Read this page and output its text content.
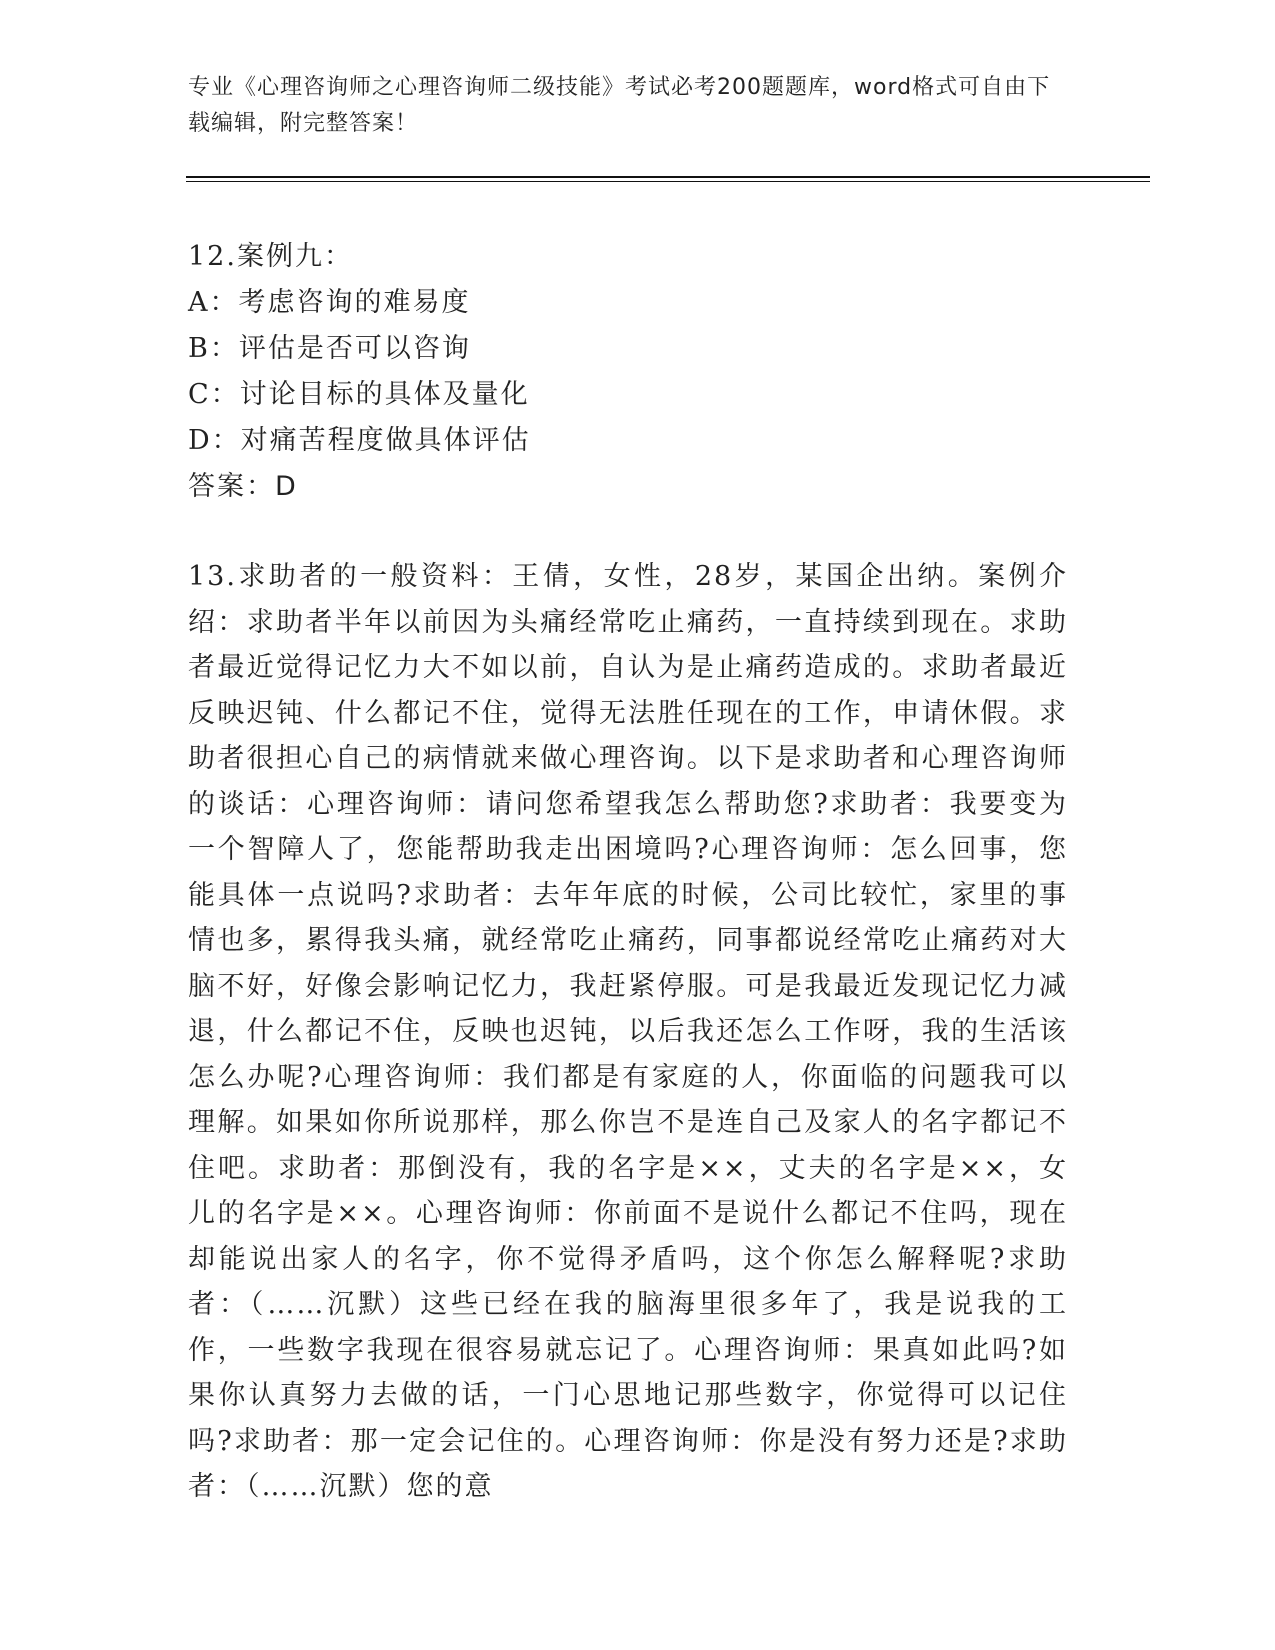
专业《心理咨询师之心理咨询师二级技能》考试必考200题题库，word格式可自由下载编辑，附完整答案！
12.案例九：
A：考虑咨询的难易度
B：评估是否可以咨询
C：讨论目标的具体及量化
D：对痛苦程度做具体评估
答案：D

13.求助者的一般资料：王倩，女性，28岁，某国企出纳。案例介绍：求助者半年以前因为头痛经常吃止痛药，一直持续到现在。求助者最近觉得记忆力大不如以前，自认为是止痛药造成的。求助者最近反映迟钝、什么都记不住，觉得无法胜任现在的工作，申请休假。求助者很担心自己的病情就来做心理咨询。以下是求助者和心理咨询师的谈话：心理咨询师：请问您希望我怎么帮助您?求助者：我要变为一个智障人了，您能帮助我走出困境吗?心理咨询师：怎么回事，您能具体一点说吗?求助者：去年年底的时候，公司比较忙，家里的事情也多，累得我头痛，就经常吃止痛药，同事都说经常吃止痛药对大脑不好，好像会影响记忆力，我赶紧停服。可是我最近发现记忆力减退，什么都记不住，反映也迟钝，以后我还怎么工作呀，我的生活该怎么办呢?心理咨询师：我们都是有家庭的人，你面临的问题我可以理解。如果如你所说那样，那么你岂不是连自己及家人的名字都记不住吧。求助者：那倒没有，我的名字是××，丈夫的名字是××，女儿的名字是××。心理咨询师：你前面不是说什么都记不住吗，现在却能说出家人的名字，你不觉得矛盾吗，这个你怎么解释呢?求助者：（……沉默）这些已经在我的脑海里很多年了，我是说我的工作，一些数字我现在很容易就忘记了。心理咨询师：果真如此吗?如果你认真努力去做的话，一门心思地记那些数字，你觉得可以记住吗?求助者：那一定会记住的。心理咨询师：你是没有努力还是?求助者：（……沉默）您的意
